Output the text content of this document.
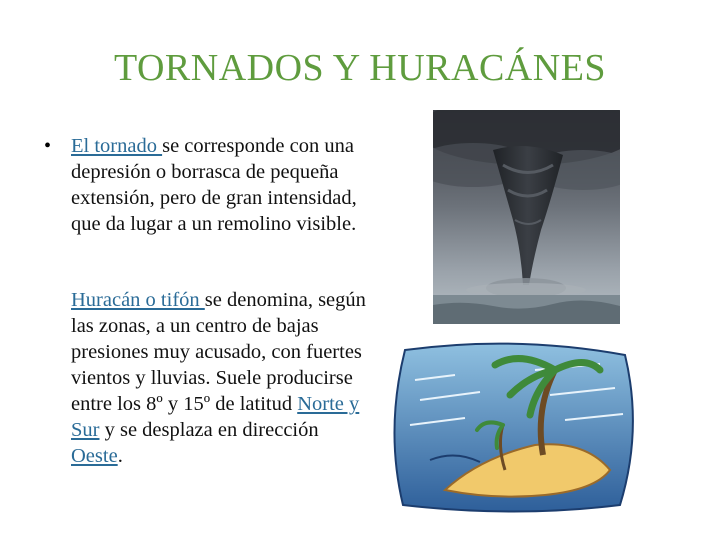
TORNADOS Y HURACÁNES
• El tornado se corresponde con una depresión o borrasca de pequeña extensión, pero de gran intensidad, que da lugar a un remolino visible.
Huracán o tifón se denomina, según las zonas, a un centro de bajas presiones muy acusado, con fuertes vientos y lluvias. Suele producirse entre los 8º y 15º de latitud Norte y Sur y se desplaza en dirección Oeste.
